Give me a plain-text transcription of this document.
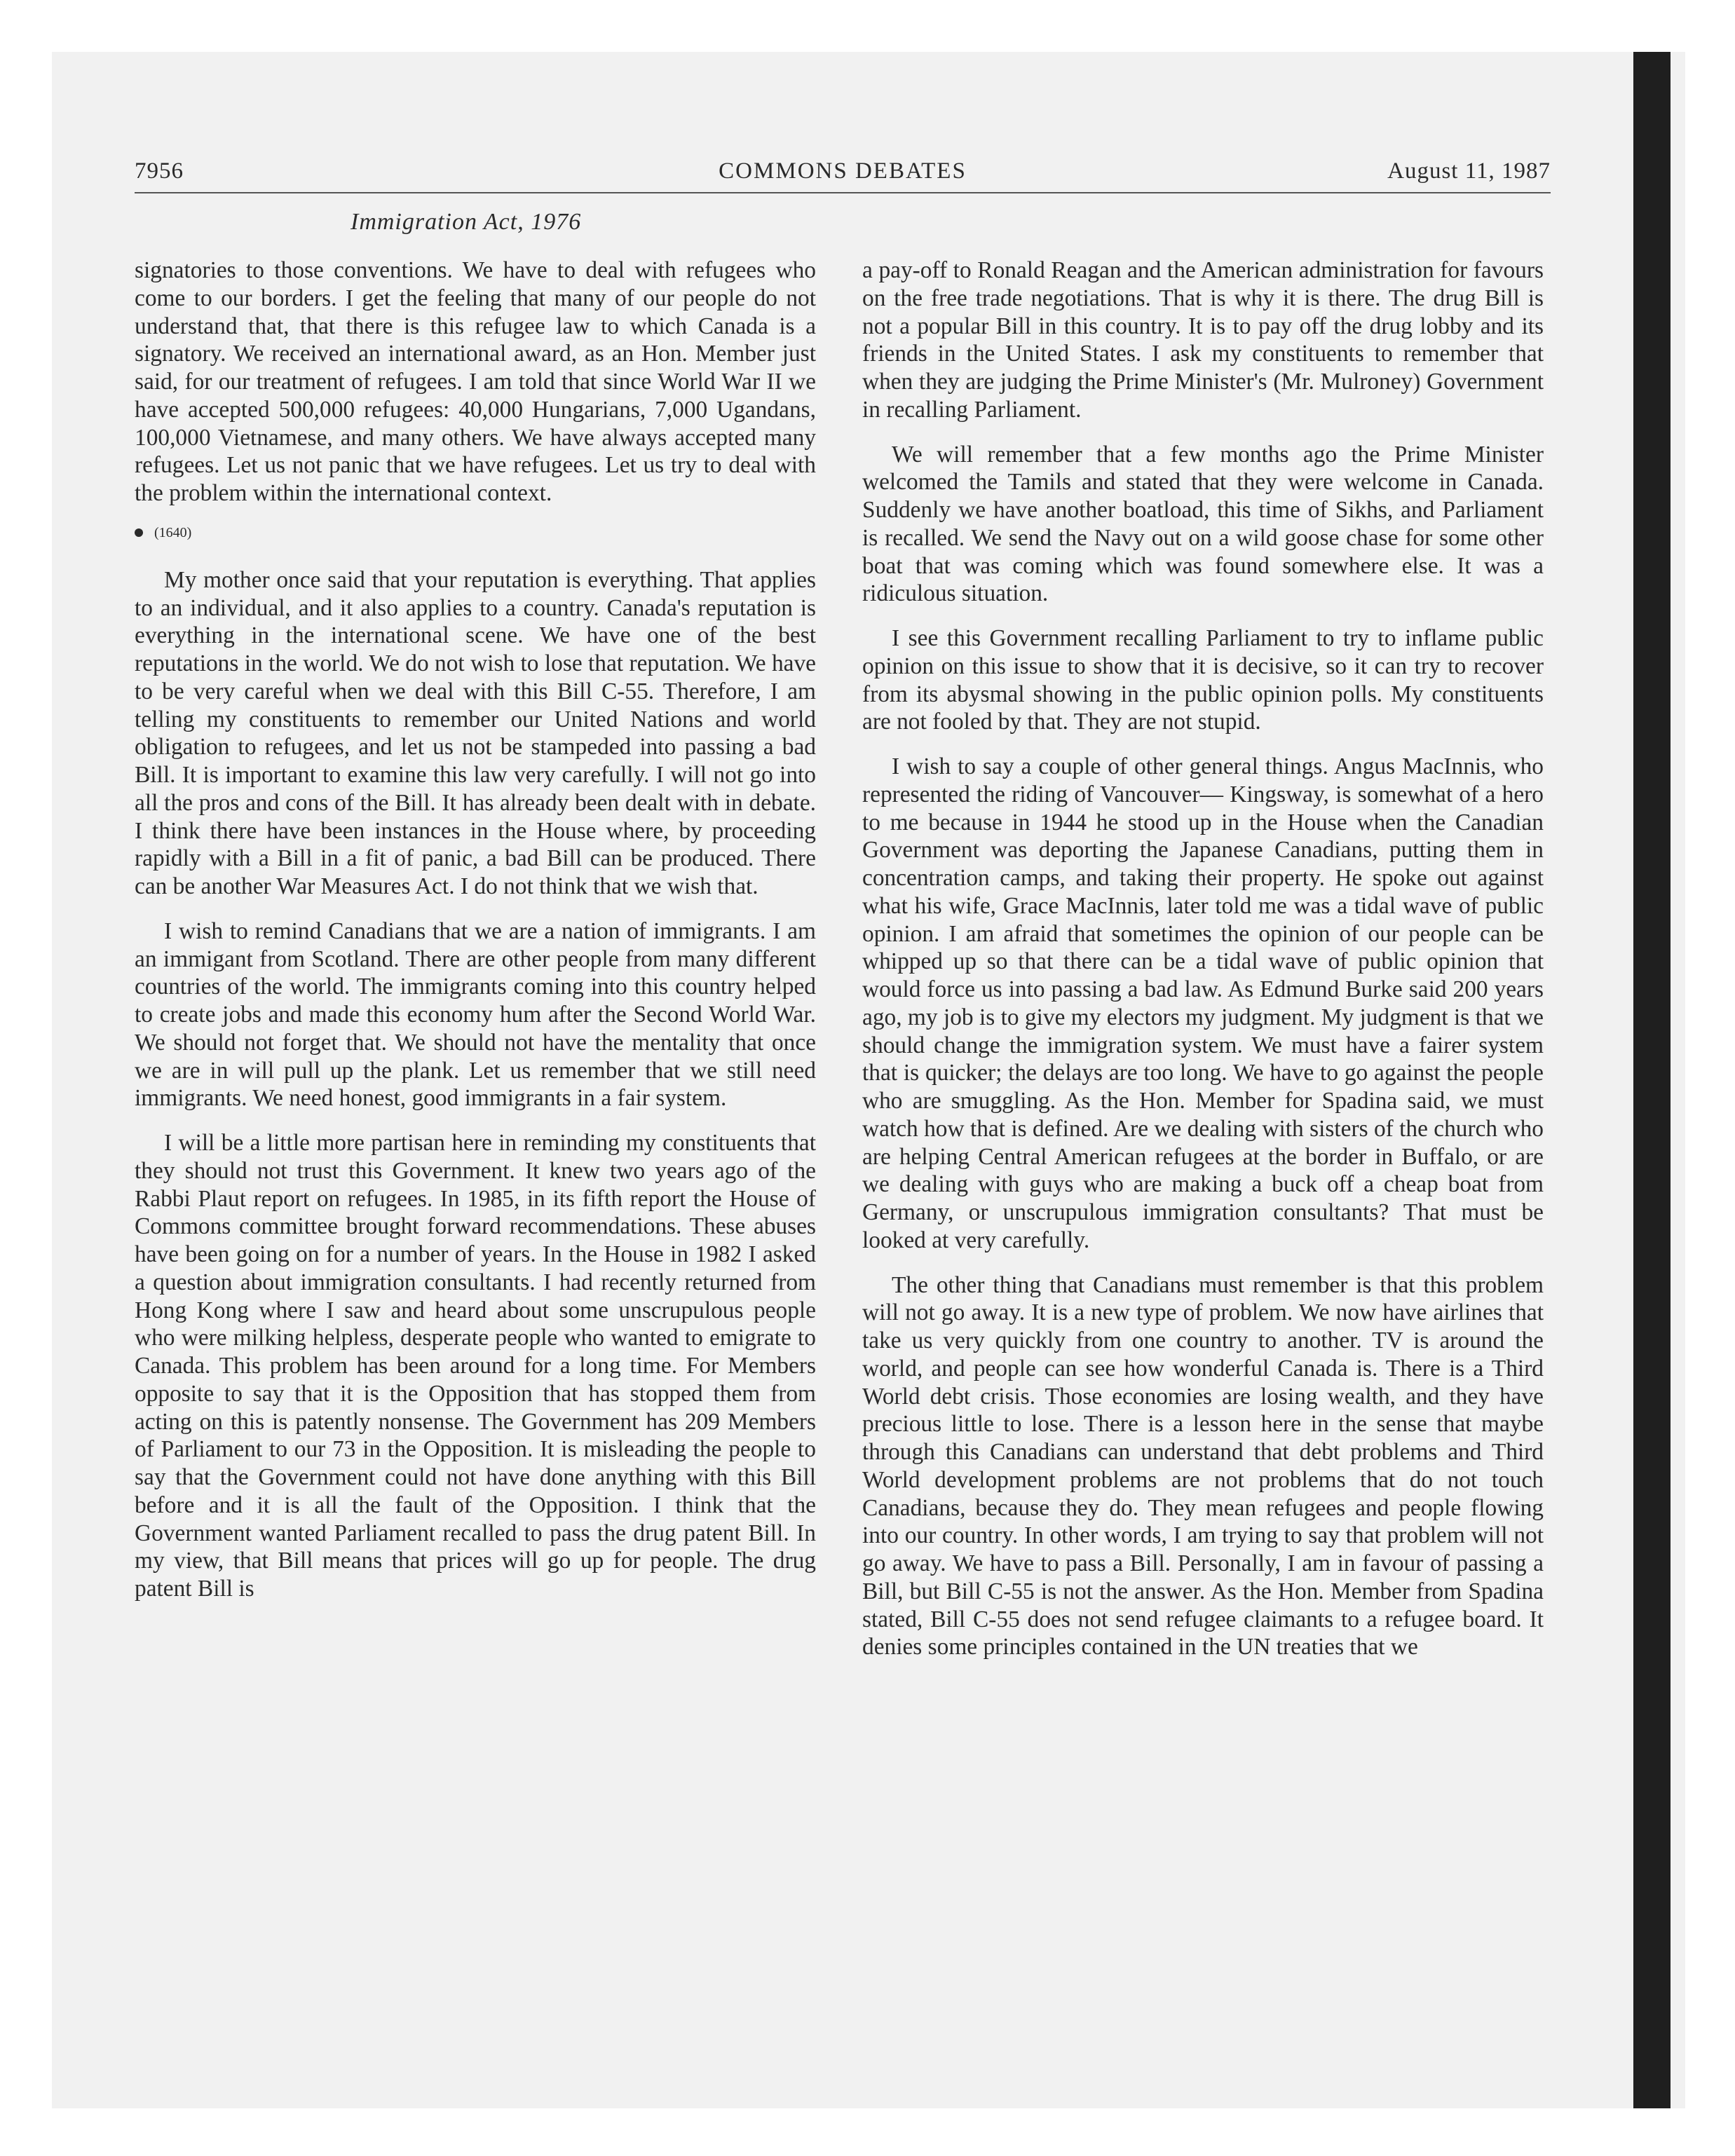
7956	COMMONS DEBATES	August 11, 1987
Immigration Act, 1976

signatories to those conventions. We have to deal with refugees who come to our borders. I get the feeling that many of our people do not understand that, that there is this refugee law to which Canada is a signatory. We received an international award, as an Hon. Member just said, for our treatment of refugees. I am told that since World War II we have accepted 500,000 refugees: 40,000 Hungarians, 7,000 Ugandans, 100,000 Vietnamese, and many others. We have always accepted many refugees. Let us not panic that we have refugees. Let us try to deal with the problem within the international context.

(1640)

My mother once said that your reputation is everything. That applies to an individual, and it also applies to a country. Canada's reputation is everything in the international scene. We have one of the best reputations in the world. We do not wish to lose that reputation. We have to be very careful when we deal with this Bill C-55. Therefore, I am telling my constituents to remember our United Nations and world obligation to refugees, and let us not be stampeded into passing a bad Bill. It is important to examine this law very carefully. I will not go into all the pros and cons of the Bill. It has already been dealt with in debate. I think there have been instances in the House where, by proceeding rapidly with a Bill in a fit of panic, a bad Bill can be produced. There can be another War Measures Act. I do not think that we wish that.

I wish to remind Canadians that we are a nation of immigrants. I am an immigant from Scotland. There are other people from many different countries of the world. The immigrants coming into this country helped to create jobs and made this economy hum after the Second World War. We should not forget that. We should not have the mentality that once we are in will pull up the plank. Let us remember that we still need immigrants. We need honest, good immigrants in a fair system.

I will be a little more partisan here in reminding my constituents that they should not trust this Government. It knew two years ago of the Rabbi Plaut report on refugees. In 1985, in its fifth report the House of Commons committee brought forward recommendations. These abuses have been going on for a number of years. In the House in 1982 I asked a question about immigration consultants. I had recently returned from Hong Kong where I saw and heard about some unscrupulous people who were milking helpless, desperate people who wanted to emigrate to Canada. This problem has been around for a long time. For Members opposite to say that it is the Opposition that has stopped them from acting on this is patently nonsense. The Government has 209 Members of Parliament to our 73 in the Opposition. It is misleading the people to say that the Government could not have done anything with this Bill before and it is all the fault of the Opposition. I think that the Government wanted Parliament recalled to pass the drug patent Bill. In my view, that Bill means that prices will go up for people. The drug patent Bill is

a pay-off to Ronald Reagan and the American administration for favours on the free trade negotiations. That is why it is there. The drug Bill is not a popular Bill in this country. It is to pay off the drug lobby and its friends in the United States. I ask my constituents to remember that when they are judging the Prime Minister's (Mr. Mulroney) Government in recalling Parliament.

We will remember that a few months ago the Prime Minister welcomed the Tamils and stated that they were welcome in Canada. Suddenly we have another boatload, this time of Sikhs, and Parliament is recalled. We send the Navy out on a wild goose chase for some other boat that was coming which was found somewhere else. It was a ridiculous situation.

I see this Government recalling Parliament to try to inflame public opinion on this issue to show that it is decisive, so it can try to recover from its abysmal showing in the public opinion polls. My constituents are not fooled by that. They are not stupid.

I wish to say a couple of other general things. Angus MacInnis, who represented the riding of Vancouver— Kingsway, is somewhat of a hero to me because in 1944 he stood up in the House when the Canadian Government was deporting the Japanese Canadians, putting them in concentration camps, and taking their property. He spoke out against what his wife, Grace MacInnis, later told me was a tidal wave of public opinion. I am afraid that sometimes the opinion of our people can be whipped up so that there can be a tidal wave of public opinion that would force us into passing a bad law. As Edmund Burke said 200 years ago, my job is to give my electors my judgment. My judgment is that we should change the immigration system. We must have a fairer system that is quicker; the delays are too long. We have to go against the people who are smuggling. As the Hon. Member for Spadina said, we must watch how that is defined. Are we dealing with sisters of the church who are helping Central American refugees at the border in Buffalo, or are we dealing with guys who are making a buck off a cheap boat from Germany, or unscrupulous immigration consultants? That must be looked at very carefully.

The other thing that Canadians must remember is that this problem will not go away. It is a new type of problem. We now have airlines that take us very quickly from one country to another. TV is around the world, and people can see how wonderful Canada is. There is a Third World debt crisis. Those economies are losing wealth, and they have precious little to lose. There is a lesson here in the sense that maybe through this Canadians can understand that debt problems and Third World development problems are not problems that do not touch Canadians, because they do. They mean refugees and people flowing into our country. In other words, I am trying to say that problem will not go away. We have to pass a Bill. Personally, I am in favour of passing a Bill, but Bill C-55 is not the answer. As the Hon. Member from Spadina stated, Bill C-55 does not send refugee claimants to a refugee board. It denies some principles contained in the UN treaties that we
